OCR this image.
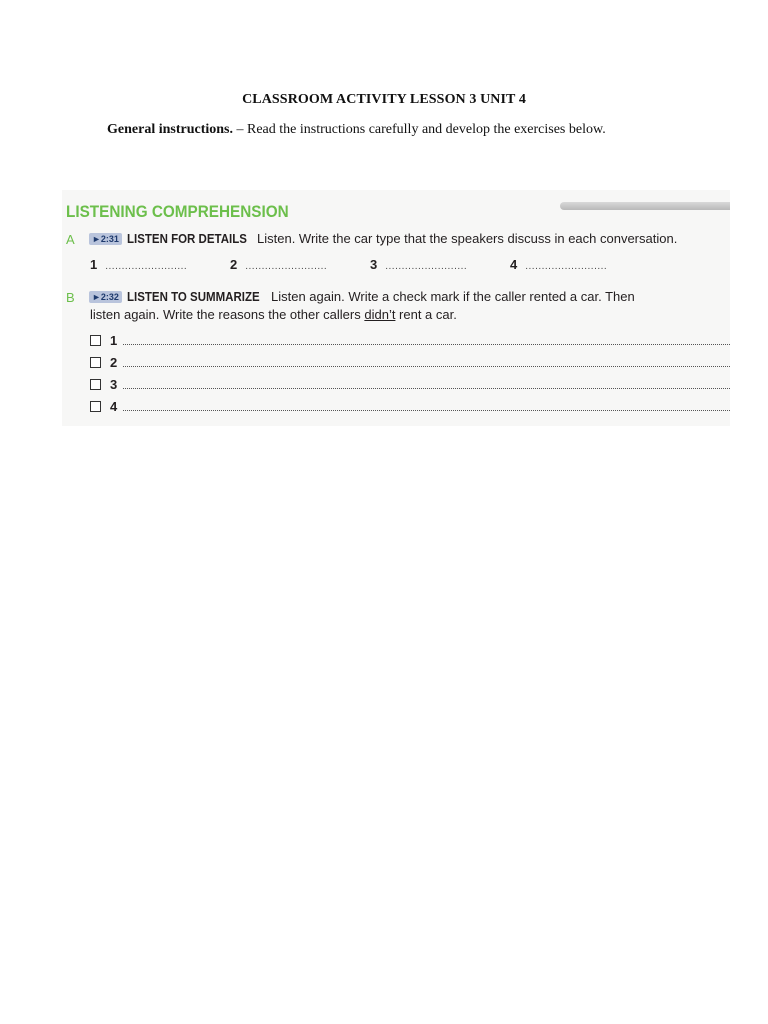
CLASSROOM ACTIVITY LESSON 3 UNIT 4
General instructions. – Read the instructions carefully and develop the exercises below.
LISTENING COMPREHENSION
A	►2:31 LISTEN FOR DETAILS Listen. Write the car type that the speakers discuss in each conversation.
1 .........................	2 .........................	3 .........................	4 .........................
B	►2:32 LISTEN TO SUMMARIZE Listen again. Write a check mark if the caller rented a car. Then
listen again. Write the reasons the other callers didn’t rent a car.
1
2
3
4
